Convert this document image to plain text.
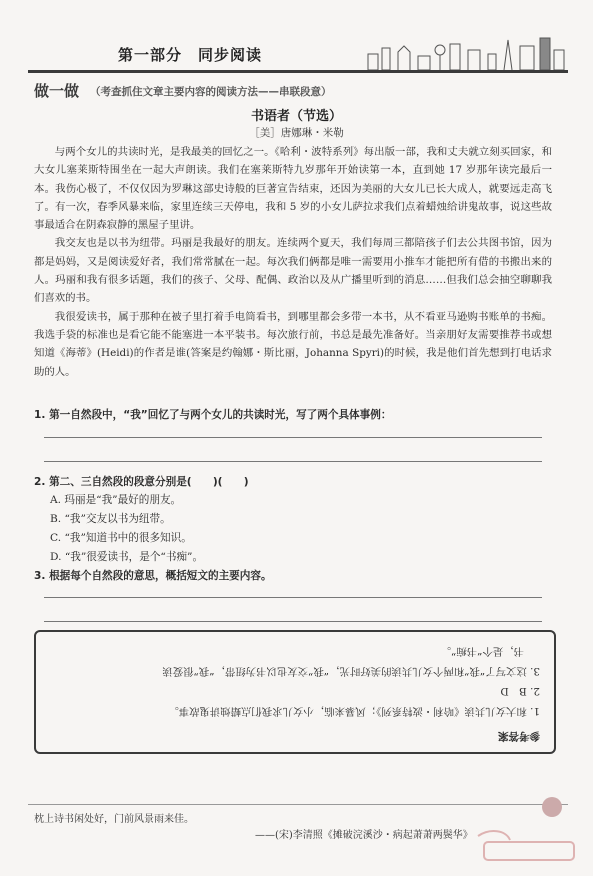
第一部分　同步阅读
做一做 （考查抓住文章主要内容的阅读方法——串联段意）
书语者（节选）
［美］唐娜琳・米勒

与两个女儿的共读时光，是我最美的回忆之一。《哈利・波特系列》每出版一部，我和丈夫就立刻买回家，和大女儿塞莱斯特围坐在一起大声朗读。我们在塞莱斯特九岁那年开始读第一本，直到她 17 岁那年读完最后一本。我伤心极了，不仅仅因为罗琳这部史诗般的巨著宣告结束，还因为美丽的大女儿已长大成人，就要远走高飞了。有一次，春季风暴来临，家里连续三天停电，我和 5 岁的小女儿萨拉求我们点着蜡烛给讲鬼故事，说这些故事最适合在阴森寂静的黑屋子里讲。

我交友也是以书为纽带。玛丽是我最好的朋友。连续两个夏天，我们每周三都陪孩子们去公共图书馆，因为都是妈妈，又是阅读爱好者，我们常常腻在一起。每次我们俩都是唯一需要用小推车才能把所有借的书搬出来的人。玛丽和我有很多话题，我们的孩子、父母、配偶、政治以及从广播里听到的消息……但我们总会抽空聊聊我们喜欢的书。

我很爱读书，属于那种在被子里打着手电筒看书，到哪里都会多带一本书，从不看亚马逊购书账单的书痴。我选手袋的标准也是看它能不能塞进一本平装书。每次旅行前，书总是最先准备好。当亲朋好友需要推荐书或想知道《海蒂》(Heidi)的作者是谁(答案是约翰娜・斯比丽，Johanna Spyri)的时候，我是他们首先想到打电话求助的人。

1. 第一自然段中，“我”回忆了与两个女儿的共读时光，写了两个具体事例：
2. 第二、三自然段的段意分别是(　　)(　　)
A. 玛丽是“我”最好的朋友。
B. “我”交友以书为纽带。
C. “我”知道书中的很多知识。
D. “我”很爱读书，是个“书痴”。
3. 根据每个自然段的意思，概括短文的主要内容。
参考答案
1. 和大女儿共读《哈利・波特系列》；风暴来临，小女儿求我们点蜡烛讲鬼故事。
2. B　D
3. 这文写了“我”和两个女儿共读的美好时光，“我”交友也以书为纽带，“我”很爱读
书，是个“书痴”。
枕上诗书闲处好，门前风景雨来佳。
——(宋)李清照《摊破浣溪沙・病起萧萧两鬓华》
